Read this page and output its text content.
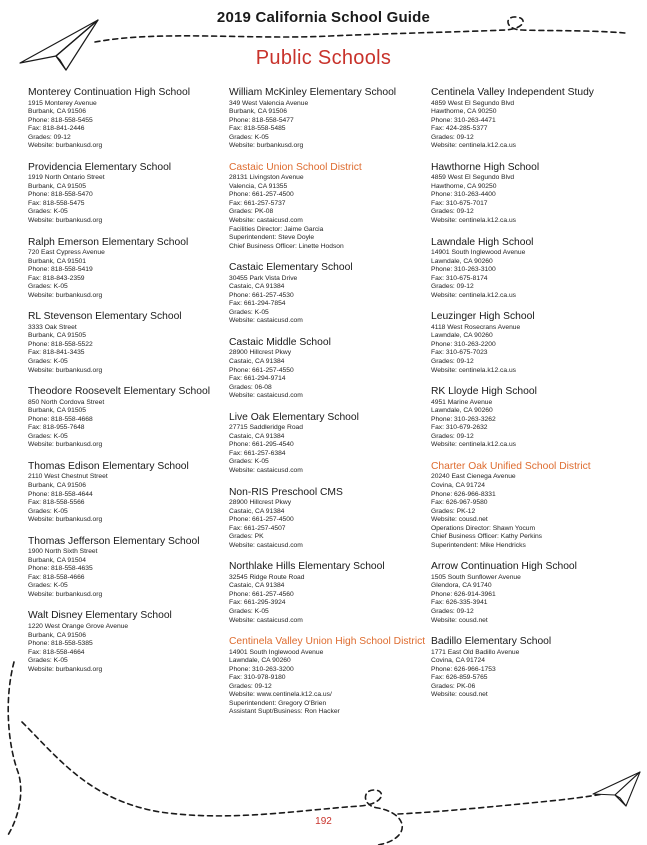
2019 California School Guide
Public Schools
Monterey Continuation High School
1915 Monterey Avenue
Burbank, CA 91506
Phone: 818-558-5455
Fax: 818-841-2446
Grades: 09-12
Website: burbankusd.org
Providencia Elementary School
1919 North Ontario Street
Burbank, CA 91505
Phone: 818-558-5470
Fax: 818-558-5475
Grades: K-05
Website: burbankusd.org
Ralph Emerson Elementary School
720 East Cypress Avenue
Burbank, CA 91501
Phone: 818-558-5419
Fax: 818-843-2359
Grades: K-05
Website: burbankusd.org
RL Stevenson Elementary School
3333 Oak Street
Burbank, CA 91505
Phone: 818-558-5522
Fax: 818-841-3435
Grades: K-05
Website: burbankusd.org
Theodore Roosevelt Elementary School
850 North Cordova Street
Burbank, CA 91505
Phone: 818-558-4668
Fax: 818-955-7648
Grades: K-05
Website: burbankusd.org
Thomas Edison Elementary School
2110 West Chestnut Street
Burbank, CA 91506
Phone: 818-558-4644
Fax: 818-558-5566
Grades: K-05
Website: burbankusd.org
Thomas Jefferson Elementary School
1900 North Sixth Street
Burbank, CA 91504
Phone: 818-558-4635
Fax: 818-558-4666
Grades: K-05
Website: burbankusd.org
Walt Disney Elementary School
1220 West Orange Grove Avenue
Burbank, CA 91506
Phone: 818-558-5385
Fax: 818-558-4664
Grades: K-05
Website: burbankusd.org
William McKinley Elementary School
349 West Valencia Avenue
Burbank, CA 91506
Phone: 818-558-5477
Fax: 818-558-5485
Grades: K-05
Website: burbankusd.org
Castaic Union School District
28131 Livingston Avenue
Valencia, CA 91355
Phone: 661-257-4500
Fax: 661-257-5737
Grades: PK-08
Website: castaicusd.com
Facilities Director: Jaime Garcia
Superintendent: Steve Doyle
Chief Business Officer: Linette Hodson
Castaic Elementary School
30455 Park Vista Drive
Castaic, CA 91384
Phone: 661-257-4530
Fax: 661-294-7854
Grades: K-05
Website: castaicusd.com
Castaic Middle School
28900 Hillcrest Pkwy
Castaic, CA 91384
Phone: 661-257-4550
Fax: 661-294-9714
Grades: 06-08
Website: castaicusd.com
Live Oak Elementary School
27715 Saddleridge Road
Castaic, CA 91384
Phone: 661-295-4540
Fax: 661-257-6384
Grades: K-05
Website: castaicusd.com
Non-RIS Preschool CMS
28900 Hillcrest Pkwy
Castaic, CA 91384
Phone: 661-257-4500
Fax: 661-257-4507
Grades: PK
Website: castaicusd.com
Northlake Hills Elementary School
32545 Ridge Route Road
Castaic, CA 91384
Phone: 661-257-4560
Fax: 661-295-3924
Grades: K-05
Website: castaicusd.com
Centinela Valley Union High School District
14901 South Inglewood Avenue
Lawndale, CA 90260
Phone: 310-263-3200
Fax: 310-978-9180
Grades: 09-12
Website: www.centinela.k12.ca.us/
Superintendent: Gregory O'Brien
Assistant Supt/Business: Ron Hacker
Centinela Valley Independent Study
4859 West El Segundo Blvd
Hawthorne, CA 90250
Phone: 310-263-4471
Fax: 424-285-5377
Grades: 09-12
Website: centinela.k12.ca.us
Hawthorne High School
4859 West El Segundo Blvd
Hawthorne, CA 90250
Phone: 310-263-4400
Fax: 310-675-7017
Grades: 09-12
Website: centinela.k12.ca.us
Lawndale High School
14901 South Inglewood Avenue
Lawndale, CA 90260
Phone: 310-263-3100
Fax: 310-675-8174
Grades: 09-12
Website: centinela.k12.ca.us
Leuzinger High School
4118 West Rosecrans Avenue
Lawndale, CA 90260
Phone: 310-263-2200
Fax: 310-675-7023
Grades: 09-12
Website: centinela.k12.ca.us
RK Lloyde High School
4951 Marine Avenue
Lawndale, CA 90260
Phone: 310-263-3262
Fax: 310-679-2632
Grades: 09-12
Website: centinela.k12.ca.us
Charter Oak Unified School District
20240 East Cienega Avenue
Covina, CA 91724
Phone: 626-966-8331
Fax: 626-967-9580
Grades: PK-12
Website: cousd.net
Operations Director: Shawn Yocum
Chief Business Officer: Kathy Perkins
Superintendent: Mike Hendricks
Arrow Continuation High School
1505 South Sunflower Avenue
Glendora, CA 91740
Phone: 626-914-3961
Fax: 626-335-3941
Grades: 09-12
Website: cousd.net
Badillo Elementary School
1771 East Old Badillo Avenue
Covina, CA 91724
Phone: 626-966-1753
Fax: 626-859-5765
Grades: PK-06
Website: cousd.net
192
